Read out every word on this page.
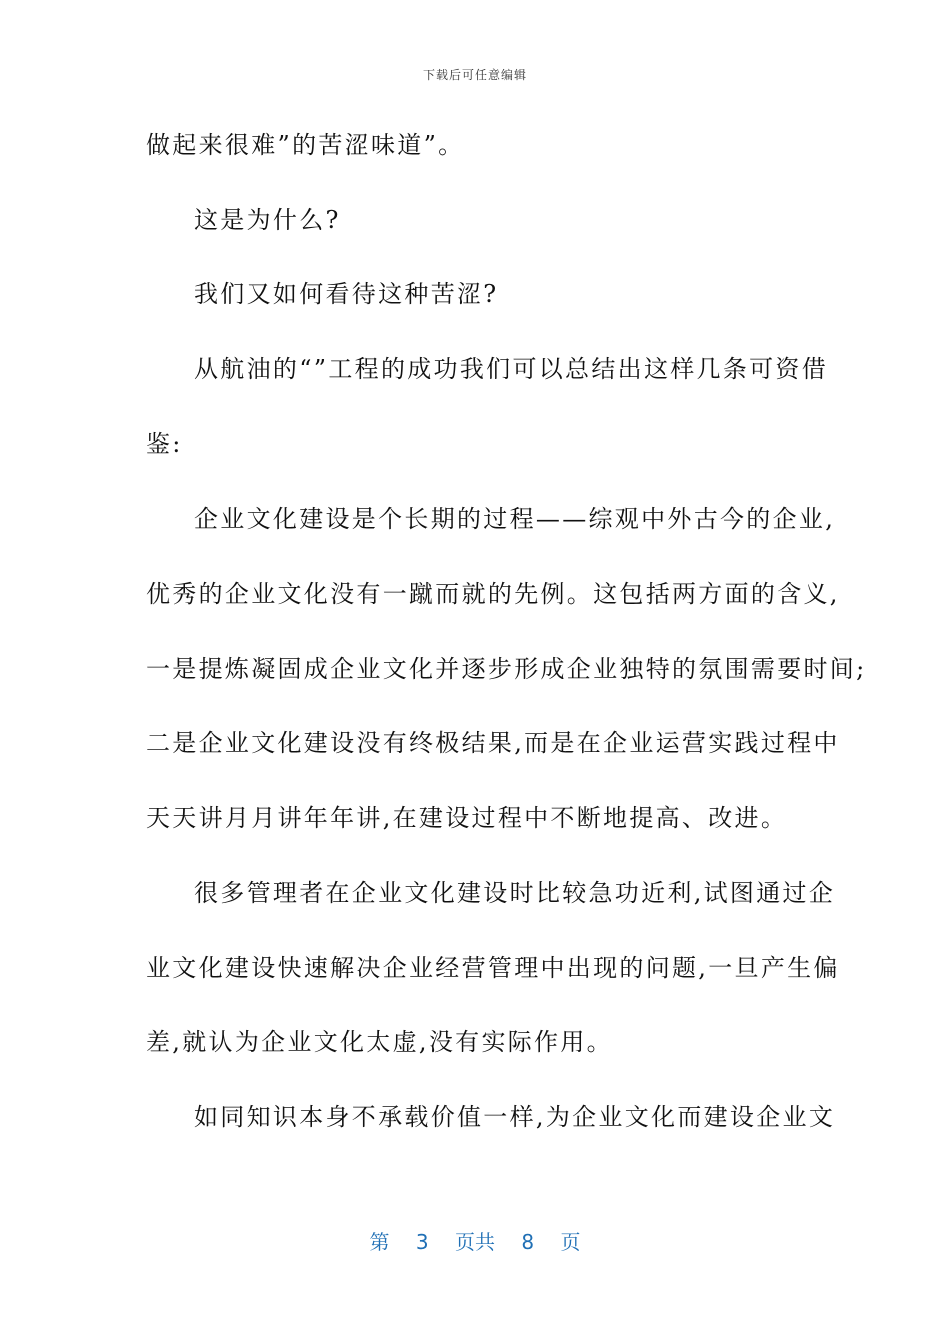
下载后可任意编辑
做起来很难”的苦涩味道”。
这是为什么?
我们又如何看待这种苦涩?
从航油的“”工程的成功我们可以总结出这样几条可资借
鉴:
企业文化建设是个长期的过程——综观中外古今的企业,
优秀的企业文化没有一蹴而就的先例。这包括两方面的含义,
一是提炼凝固成企业文化并逐步形成企业独特的氛围需要时间;
二是企业文化建设没有终极结果,而是在企业运营实践过程中
天天讲月月讲年年讲,在建设过程中不断地提高、改进。
很多管理者在企业文化建设时比较急功近利,试图通过企
业文化建设快速解决企业经营管理中出现的问题,一旦产生偏
差,就认为企业文化太虚,没有实际作用。
如同知识本身不承载价值一样,为企业文化而建设企业文
第 3 页共 8 页
